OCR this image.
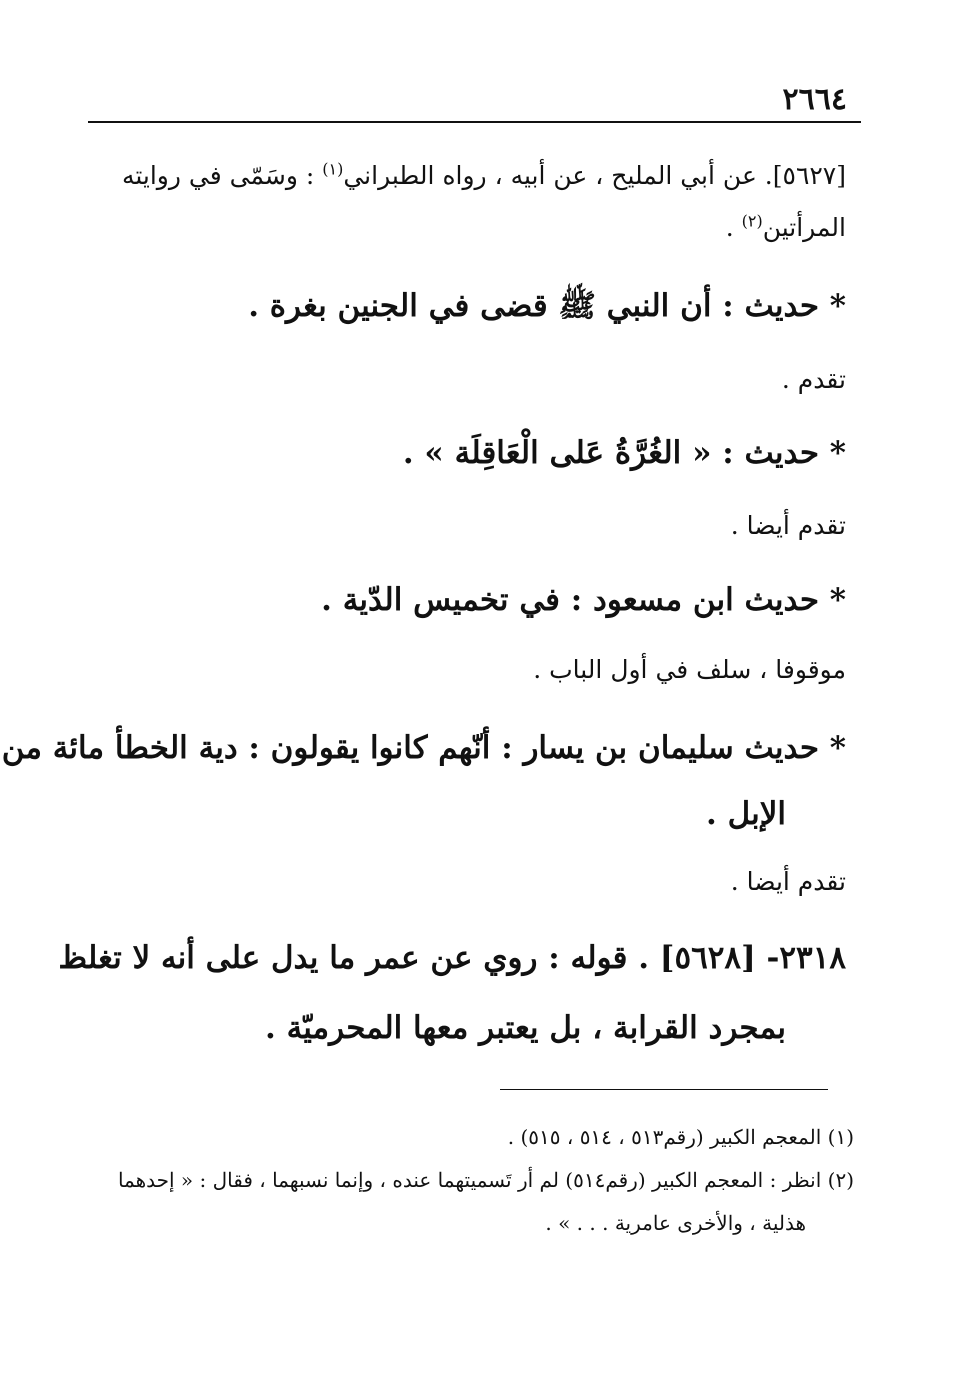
٢٦٦٤
[٥٦٢٧]. عن أبي المليح ، عن أبيه ، رواه الطبراني$^{(١)}$ : وسَمّى في روايته
المرأتين$^{(٢)}$ .
* حديث : أن النبي ﷺ قضى في الجنين بغرة .
تقدم .
* حديث : « الغُرَّةُ عَلى الْعَاقِلَة » .
تقدم أيضا .
* حديث ابن مسعود : في تخميس الدّية .
موقوفا ، سلف في أول الباب .
* حديث سليمان بن يسار : أنّهم كانوا يقولون : دية الخطأ مائة من
الإبل .
تقدم أيضا .
٢٣١٨- [٥٦٢٨] . قوله : روي عن عمر ما يدل على أنه لا تغلظ
بمجرد القرابة ، بل يعتبر معها المحرميّة .
(١) المعجم الكبير (رقم٥١٣ ، ٥١٤ ، ٥١٥) .
(٢) انظر : المعجم الكبير (رقم٥١٤) لم أر تَسميتهما عنده ، وإنما نسبهما ، فقال : « إحدهما
هذلية ، والأخرى عامرية . . . » .
